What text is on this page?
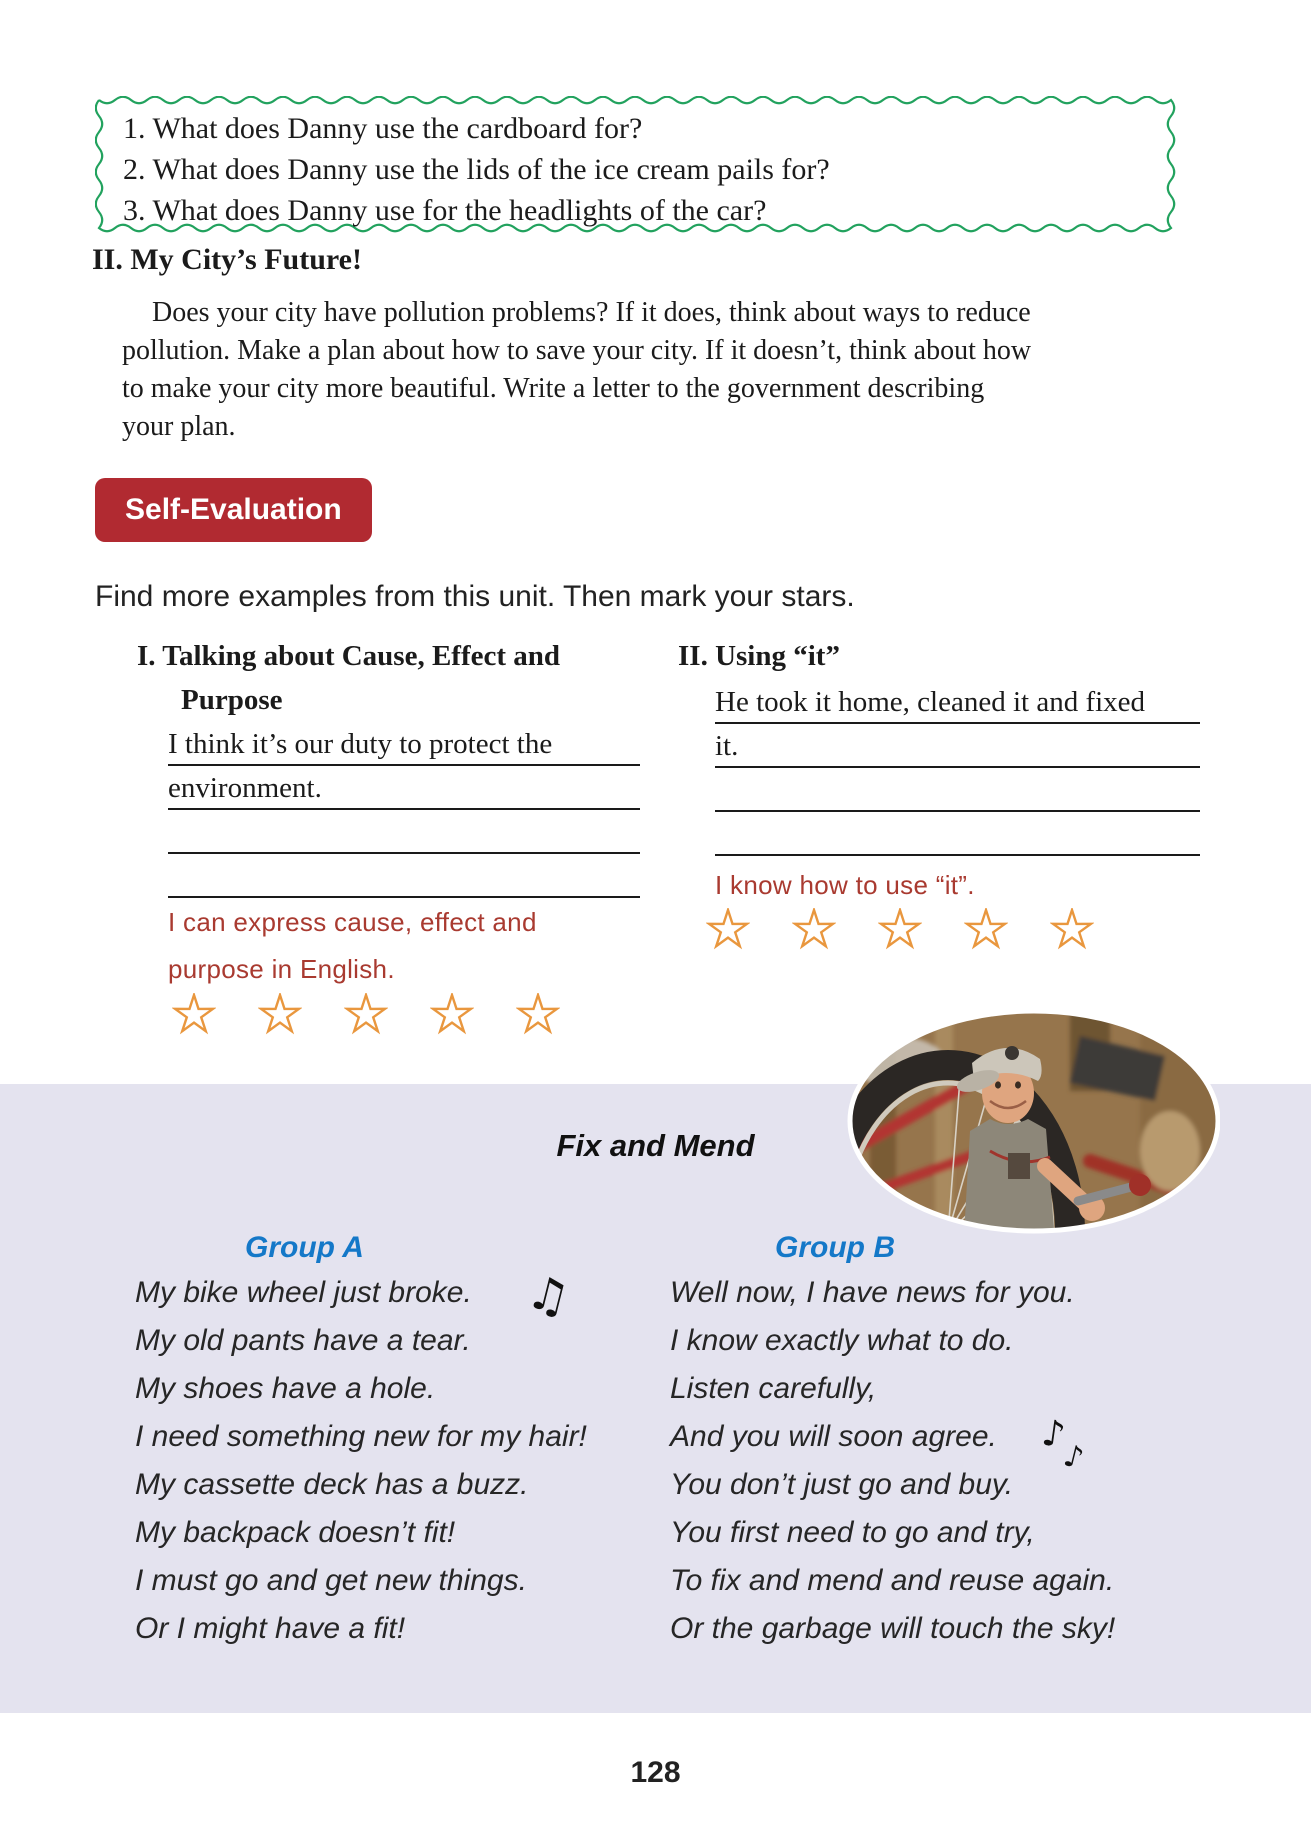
1. What does Danny use the cardboard for?
2. What does Danny use the lids of the ice cream pails for?
3. What does Danny use for the headlights of the car?
II. My City’s Future!
Does your city have pollution problems? If it does, think about ways to reduce
pollution. Make a plan about how to save your city. If it doesn’t, think about how
to make your city more beautiful. Write a letter to the government describing
your plan.
Self-Evaluation
Find more examples from this unit. Then mark your stars.
I. Talking about Cause, Effect and
Purpose
I think it’s our duty to protect the
environment.
I can express cause, effect and purpose in English.
II. Using “it”
He took it home, cleaned it and fixed
it.
I know how to use “it”.
Fix and Mend
Group A	Group B
My bike wheel just broke.
My old pants have a tear.
My shoes have a hole.
I need something new for my hair!
My cassette deck has a buzz.
My backpack doesn’t fit!
I must go and get new things.
Or I might have a fit!
Well now, I have news for you.
I know exactly what to do.
Listen carefully,
And you will soon agree.
You don’t just go and buy.
You first need to go and try,
To fix and mend and reuse again.
Or the garbage will touch the sky!
♫
♪
♪
128
